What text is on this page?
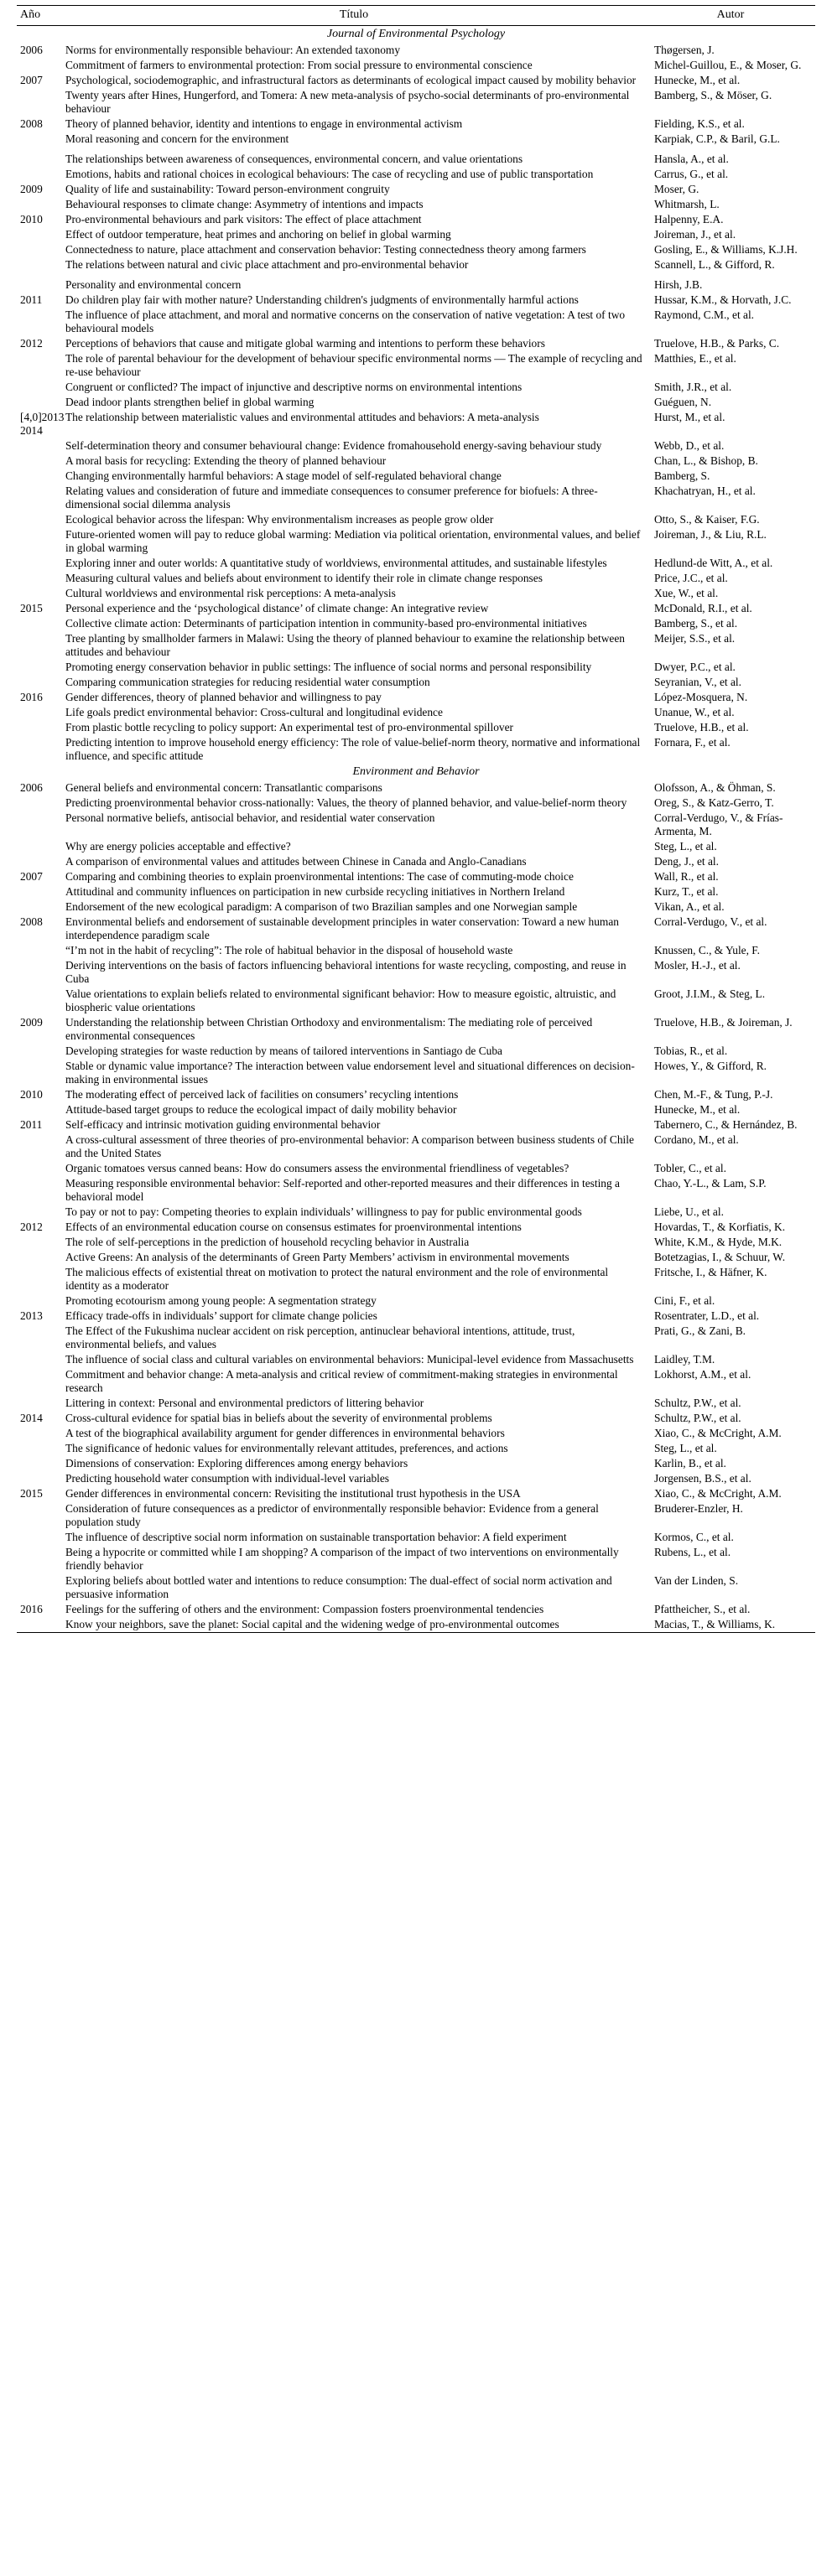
Año	Título	Autor
Journal of Environmental Psychology		
2006	Norms for environmentally responsible behaviour: An extended taxonomy	Thøgersen, J.
	Commitment of farmers to environmental protection: From social pressure to environmental conscience	Michel-Guillou, E., & Moser, G.
2007	Psychological, sociodemographic, and infrastructural factors as determinants of ecological impact caused by mobility behavior	Hunecke, M., et al.
	Twenty years after Hines, Hungerford, and Tomera: A new meta-analysis of psycho-social determinants of pro-environmental behaviour	Bamberg, S., & Möser, G.
2008	Theory of planned behavior, identity and intentions to engage in environmental activism	Fielding, K.S., et al.
	Moral reasoning and concern for the environment	Karpiak, C.P., & Baril, G.L.
	The relationships between awareness of consequences, environmental concern, and value orientations	Hansla, A., et al.
	Emotions, habits and rational choices in ecological behaviours: The case of recycling and use of public transportation	Carrus, G., et al.
2009	Quality of life and sustainability: Toward person-environment congruity	Moser, G.
	Behavioural responses to climate change: Asymmetry of intentions and impacts	Whitmarsh, L.
2010	Pro-environmental behaviours and park visitors: The effect of place attachment	Halpenny, E.A.
	Effect of outdoor temperature, heat primes and anchoring on belief in global warming	Joireman, J., et al.
	Connectedness to nature, place attachment and conservation behavior: Testing connectedness theory among farmers	Gosling, E., & Williams, K.J.H.
	The relations between natural and civic place attachment and pro-environmental behavior	Scannell, L., & Gifford, R.
	Personality and environmental concern	Hirsh, J.B.
2011	Do children play fair with mother nature? Understanding children's judgments of environmentally harmful actions	Hussar, K.M., & Horvath, J.C.
	The influence of place attachment, and moral and normative concerns on the conservation of native vegetation: A test of two behavioural models	Raymond, C.M., et al.
2012	Perceptions of behaviors that cause and mitigate global warming and intentions to perform these behaviors	Truelove, H.B., & Parks, C.
	The role of parental behaviour for the development of behaviour specific environmental norms — The example of recycling and re-use behaviour	Matthies, E., et al.
	Congruent or conflicted? The impact of injunctive and descriptive norms on environmental intentions	Smith, J.R., et al.
	Dead indoor plants strengthen belief in global warming	Guéguen, N.
[4,0]2013 2014	The relationship between materialistic values and environmental attitudes and behaviors: A meta-analysis	Hurst, M., et al.
	Self-determination theory and consumer behavioural change: Evidence fromahousehold energy-saving behaviour study	Webb, D., et al.
	A moral basis for recycling: Extending the theory of planned behaviour	Chan, L., & Bishop, B.
	Changing environmentally harmful behaviors: A stage model of self-regulated behavioral change	Bamberg, S.
	Relating values and consideration of future and immediate consequences to consumer preference for biofuels: A three-dimensional social dilemma analysis	Khachatryan, H., et al.
	Ecological behavior across the lifespan: Why environmentalism increases as people grow older	Otto, S., & Kaiser, F.G.
	Future-oriented women will pay to reduce global warming: Mediation via political orientation, environmental values, and belief in global warming	Joireman, J., & Liu, R.L.
	Exploring inner and outer worlds: A quantitative study of worldviews, environmental attitudes, and sustainable lifestyles	Hedlund-de Witt, A., et al.
	Measuring cultural values and beliefs about environment to identify their role in climate change responses	Price, J.C., et al.
	Cultural worldviews and environmental risk perceptions: A meta-analysis	Xue, W., et al.
2015	Personal experience and the ‘psychological distance’ of climate change: An integrative review	McDonald, R.I., et al.
	Collective climate action: Determinants of participation intention in community-based pro-environmental initiatives	Bamberg, S., et al.
	Tree planting by smallholder farmers in Malawi: Using the theory of planned behaviour to examine the relationship between attitudes and behaviour	Meijer, S.S., et al.
	Promoting energy conservation behavior in public settings: The influence of social norms and personal responsibility	Dwyer, P.C., et al.
	Comparing communication strategies for reducing residential water consumption	Seyranian, V., et al.
2016	Gender differences, theory of planned behavior and willingness to pay	López-Mosquera, N.
	Life goals predict environmental behavior: Cross-cultural and longitudinal evidence	Unanue, W., et al.
	From plastic bottle recycling to policy support: An experimental test of pro-environmental spillover	Truelove, H.B., et al.
	Predicting intention to improve household energy efficiency: The role of value-belief-norm theory, normative and informational influence, and specific attitude	Fornara, F., et al.
Environment and Behavior		
2006	General beliefs and environmental concern: Transatlantic comparisons	Olofsson, A., & Öhman, S.
	Predicting proenvironmental behavior cross-nationally: Values, the theory of planned behavior, and value-belief-norm theory	Oreg, S., & Katz-Gerro, T.
	Personal normative beliefs, antisocial behavior, and residential water conservation	Corral-Verdugo, V., & Frías-Armenta, M.
	Why are energy policies acceptable and effective?	Steg, L., et al.
	A comparison of environmental values and attitudes between Chinese in Canada and Anglo-Canadians	Deng, J., et al.
2007	Comparing and combining theories to explain proenvironmental intentions: The case of commuting-mode choice	Wall, R., et al.
	Attitudinal and community influences on participation in new curbside recycling initiatives in Northern Ireland	Kurz, T., et al.
	Endorsement of the new ecological paradigm: A comparison of two Brazilian samples and one Norwegian sample	Vikan, A., et al.
2008	Environmental beliefs and endorsement of sustainable development principles in water conservation: Toward a new human interdependence paradigm scale	Corral-Verdugo, V., et al.
	“I’m not in the habit of recycling”: The role of habitual behavior in the disposal of household waste	Knussen, C., & Yule, F.
	Deriving interventions on the basis of factors influencing behavioral intentions for waste recycling, composting, and reuse in Cuba	Mosler, H.-J., et al.
	Value orientations to explain beliefs related to environmental significant behavior: How to measure egoistic, altruistic, and biospheric value orientations	Groot, J.I.M., & Steg, L.
2009	Understanding the relationship between Christian Orthodoxy and environmentalism: The mediating role of perceived environmental consequences	Truelove, H.B., & Joireman, J.
	Developing strategies for waste reduction by means of tailored interventions in Santiago de Cuba	Tobias, R., et al.
	Stable or dynamic value importance? The interaction between value endorsement level and situational differences on decision-making in environmental issues	Howes, Y., & Gifford, R.
2010	The moderating effect of perceived lack of facilities on consumers’ recycling intentions	Chen, M.-F., & Tung, P.-J.
	Attitude-based target groups to reduce the ecological impact of daily mobility behavior	Hunecke, M., et al.
2011	Self-efficacy and intrinsic motivation guiding environmental behavior	Tabernero, C., & Hernández, B.
	A cross-cultural assessment of three theories of pro-environmental behavior: A comparison between business students of Chile and the United States	Cordano, M., et al.
	Organic tomatoes versus canned beans: How do consumers assess the environmental friendliness of vegetables?	Tobler, C., et al.
	Measuring responsible environmental behavior: Self-reported and other-reported measures and their differences in testing a behavioral model	Chao, Y.-L., & Lam, S.P.
	To pay or not to pay: Competing theories to explain individuals’ willingness to pay for public environmental goods	Liebe, U., et al.
2012	Effects of an environmental education course on consensus estimates for proenvironmental intentions	Hovardas, T., & Korfiatis, K.
	The role of self-perceptions in the prediction of household recycling behavior in Australia	White, K.M., & Hyde, M.K.
	Active Greens: An analysis of the determinants of Green Party Members’ activism in environmental movements	Botetzagias, I., & Schuur, W.
	The malicious effects of existential threat on motivation to protect the natural environment and the role of environmental identity as a moderator	Fritsche, I., & Häfner, K.
	Promoting ecotourism among young people: A segmentation strategy	Cini, F., et al.
2013	Efficacy trade-offs in individuals’ support for climate change policies	Rosentrater, L.D., et al.
	The Effect of the Fukushima nuclear accident on risk perception, antinuclear behavioral intentions, attitude, trust, environmental beliefs, and values	Prati, G., & Zani, B.
	The influence of social class and cultural variables on environmental behaviors: Municipal-level evidence from Massachusetts	Laidley, T.M.
	Commitment and behavior change: A meta-analysis and critical review of commitment-making strategies in environmental research	Lokhorst, A.M., et al.
	Littering in context: Personal and environmental predictors of littering behavior	Schultz, P.W., et al.
2014	Cross-cultural evidence for spatial bias in beliefs about the severity of environmental problems	Schultz, P.W., et al.
	A test of the biographical availability argument for gender differences in environmental behaviors	Xiao, C., & McCright, A.M.
	The significance of hedonic values for environmentally relevant attitudes, preferences, and actions	Steg, L., et al.
	Dimensions of conservation: Exploring differences among energy behaviors	Karlin, B., et al.
	Predicting household water consumption with individual-level variables	Jorgensen, B.S., et al.
2015	Gender differences in environmental concern: Revisiting the institutional trust hypothesis in the USA	Xiao, C., & McCright, A.M.
	Consideration of future consequences as a predictor of environmentally responsible behavior: Evidence from a general population study	Bruderer-Enzler, H.
	The influence of descriptive social norm information on sustainable transportation behavior: A field experiment	Kormos, C., et al.
	Being a hypocrite or committed while I am shopping? A comparison of the impact of two interventions on environmentally friendly behavior	Rubens, L., et al.
	Exploring beliefs about bottled water and intentions to reduce consumption: The dual-effect of social norm activation and persuasive information	Van der Linden, S.
2016	Feelings for the suffering of others and the environment: Compassion fosters proenvironmental tendencies	Pfattheicher, S., et al.
	Know your neighbors, save the planet: Social capital and the widening wedge of pro-environmental outcomes	Macias, T., & Williams, K.
